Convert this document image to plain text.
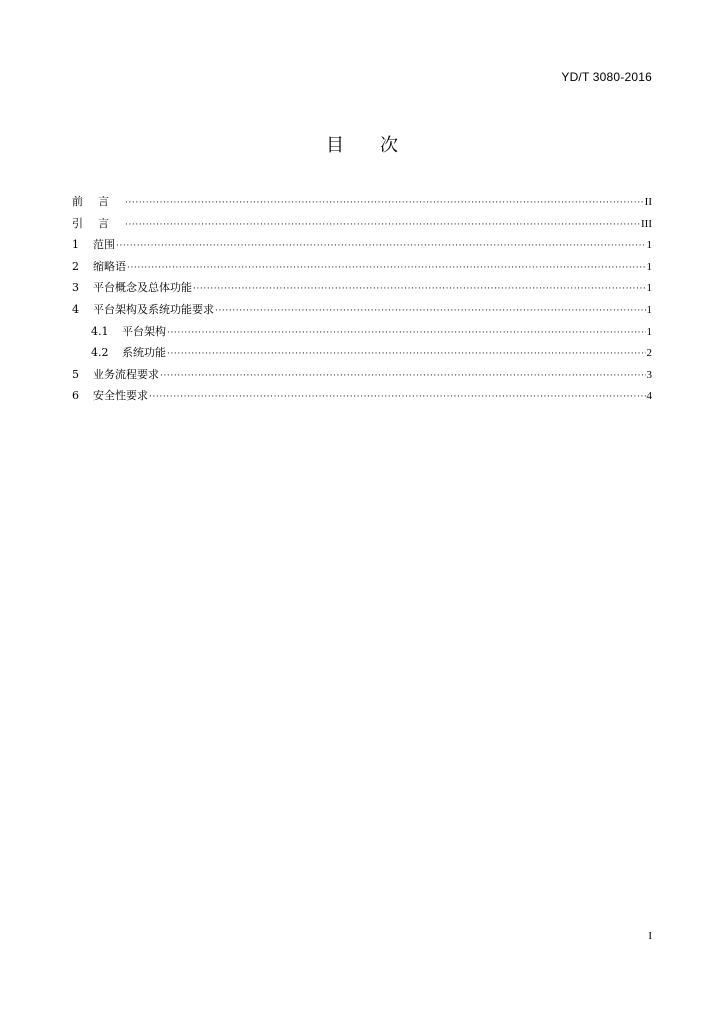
YD/T 3080-2016
目 次
前言 ·····	II
引言 ·····	III
1	范围 ·····	1
2	缩略语 ·····	1
3	平台概念及总体功能 ·····	1
4	平台架构及系统功能要求 ·····	1
4.1	平台架构 ·····	1
4.2	系统功能 ·····	2
5	业务流程要求 ·····	3
6	安全性要求 ·····	4
I
